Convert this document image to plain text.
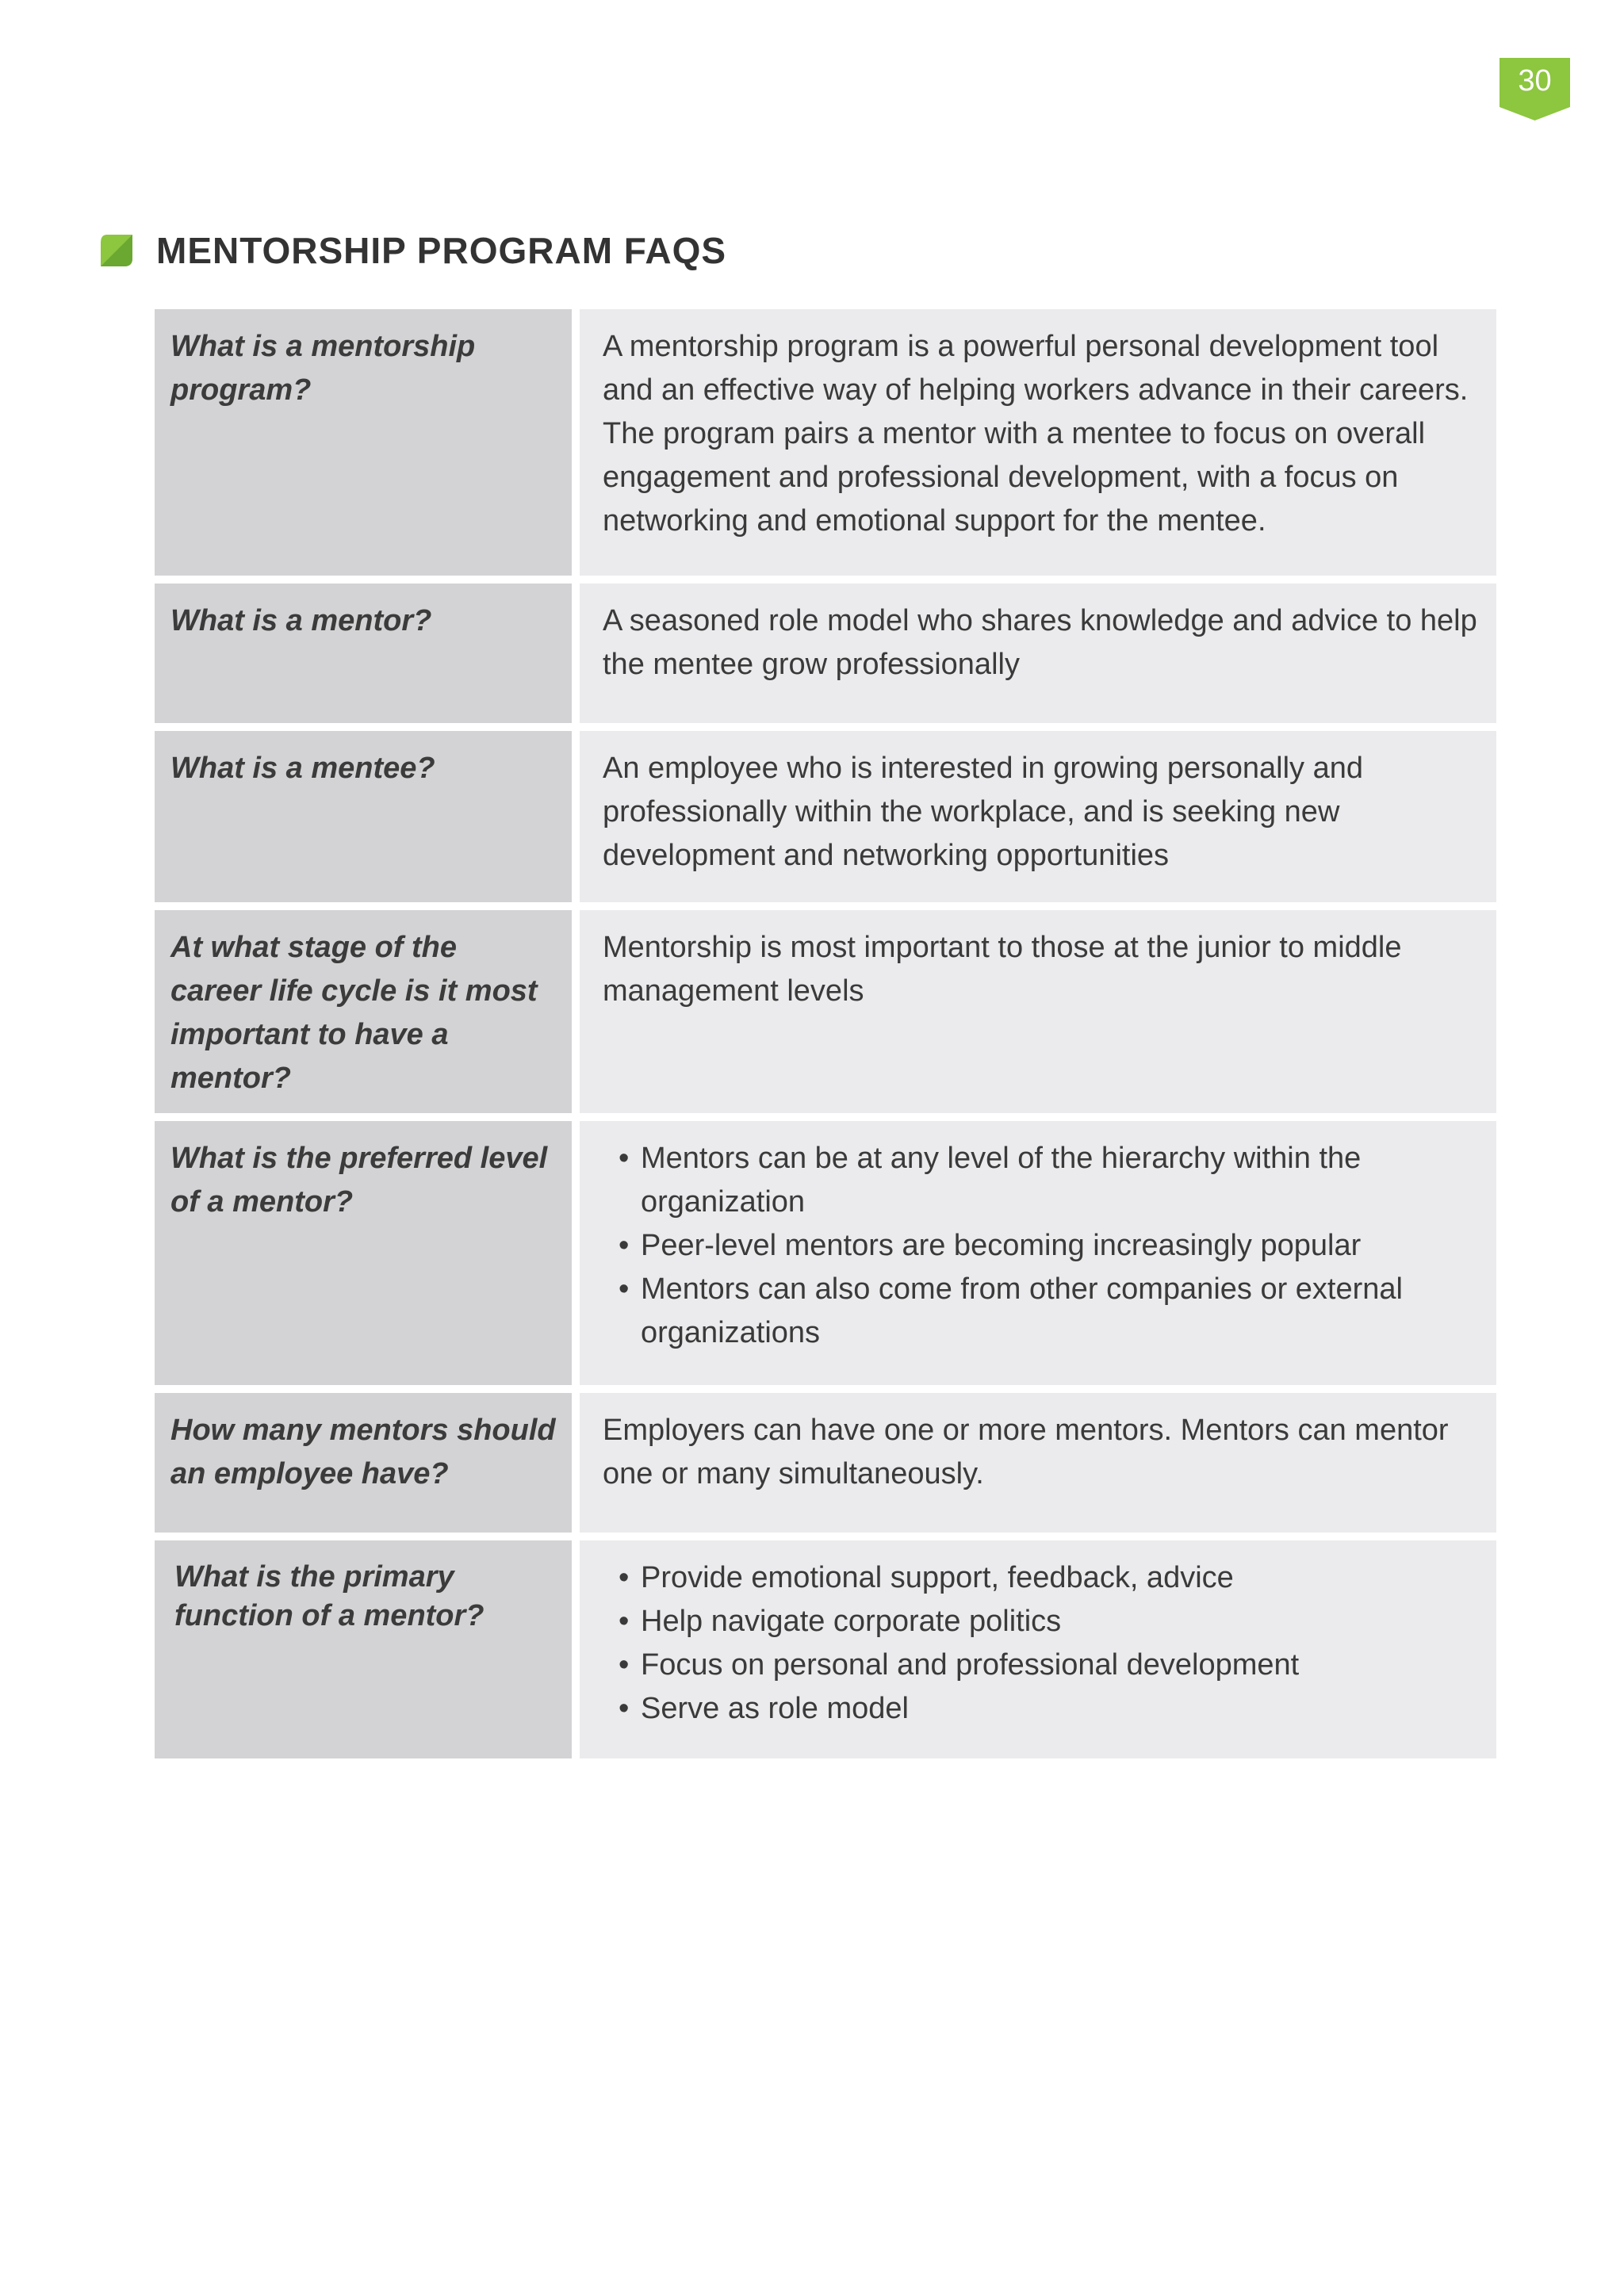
30
MENTORSHIP PROGRAM FAQS
What is a mentorship program?
A mentorship program is a powerful personal development tool and an effective way of helping workers advance in their careers. The program pairs a mentor with a mentee to focus on overall engagement and professional development, with a focus on networking and emotional support for the mentee.
What is a mentor?	A seasoned role model who shares knowledge and advice to help the mentee grow professionally
What is a mentee?	An employee who is interested in growing personally and professionally within the workplace, and is seeking new development and networking opportunities
At what stage of the career life cycle is it most important to have a mentor?
Mentorship is most important to those at the junior to middle management levels
What is the preferred level of a mentor?
• Mentors can be at any level of the hierarchy within the organization
• Peer-level mentors are becoming increasingly popular
• Mentors can also come from other companies or external organizations
How many mentors should an employee have?
Employers can have one or more mentors. Mentors can mentor one or many simultaneously.
What is the primary function of a mentor?
• Provide emotional support, feedback, advice
• Help navigate corporate politics
• Focus on personal and professional development
• Serve as role model
